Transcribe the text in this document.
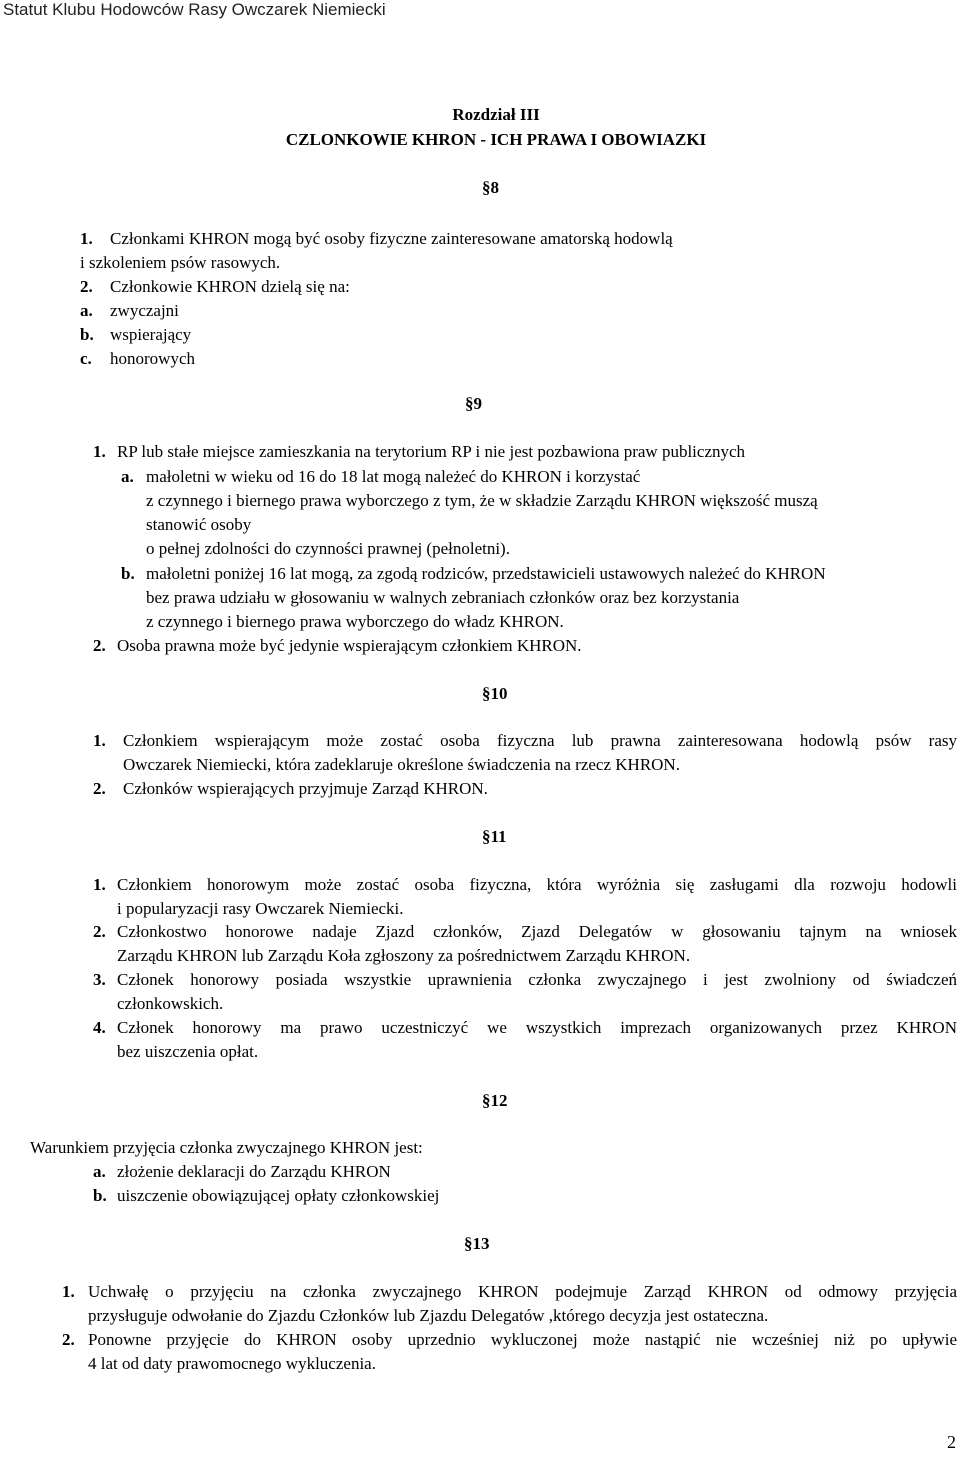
Statut Klubu Hodowców Rasy Owczarek Niemiecki
Rozdział III
CZLONKOWIE KHRON - ICH PRAWA I OBOWIAZKI
§8
1. Członkami KHRON mogą być osoby fizyczne zainteresowane amatorską hodowlą
i szkoleniem psów rasowych.
2. Członkowie KHRON dzielą się na:
a. zwyczajni
b. wspierający
c. honorowych
§9
1. RP lub stałe miejsce zamieszkania na terytorium RP i nie jest pozbawiona praw publicznych
a. małoletni w wieku od 16 do 18 lat mogą należeć do KHRON i korzystać
z czynnego i biernego prawa wyborczego z tym, że w składzie Zarządu KHRON większość muszą
stanowić osoby
o pełnej zdolności do czynności prawnej (pełnoletni).
b. małoletni poniżej 16 lat mogą, za zgodą rodziców, przedstawicieli ustawowych należeć do KHRON
bez prawa udziału w głosowaniu w walnych zebraniach członków oraz bez korzystania
z czynnego i biernego prawa wyborczego do władz KHRON.
2. Osoba prawna może być jedynie wspierającym członkiem KHRON.
§10
1. Członkiem wspierającym może zostać osoba fizyczna lub prawna zainteresowana hodowlą psów rasy
Owczarek Niemiecki, która zadeklaruje określone świadczenia na rzecz KHRON.
2. Członków wspierających przyjmuje Zarząd KHRON.
§11
1. Członkiem honorowym może zostać osoba fizyczna, która wyróżnia się zasługami dla rozwoju hodowli
i popularyzacji rasy Owczarek Niemiecki.
2. Członkostwo honorowe nadaje Zjazd członków, Zjazd Delegatów w głosowaniu tajnym na wniosek
Zarządu KHRON lub Zarządu Koła zgłoszony za pośrednictwem Zarządu KHRON.
3. Członek honorowy posiada wszystkie uprawnienia członka zwyczajnego i jest zwolniony od świadczeń
członkowskich.
4. Członek honorowy ma prawo uczestniczyć we wszystkich imprezach organizowanych przez KHRON
bez uiszczenia opłat.
§12
Warunkiem przyjęcia członka zwyczajnego KHRON jest:
a. złożenie deklaracji do Zarządu KHRON
b. uiszczenie obowiązującej opłaty członkowskiej
§13
1. Uchwałę o przyjęciu na członka zwyczajnego KHRON podejmuje Zarząd KHRON od odmowy przyjęcia
przysługuje odwołanie do Zjazdu Członków lub Zjazdu Delegatów ,którego decyzja jest ostateczna.
2. Ponowne przyjęcie do KHRON osoby uprzednio wykluczonej może nastąpić nie wcześniej niż po upływie
4 lat od daty prawomocnego wykluczenia.
2
